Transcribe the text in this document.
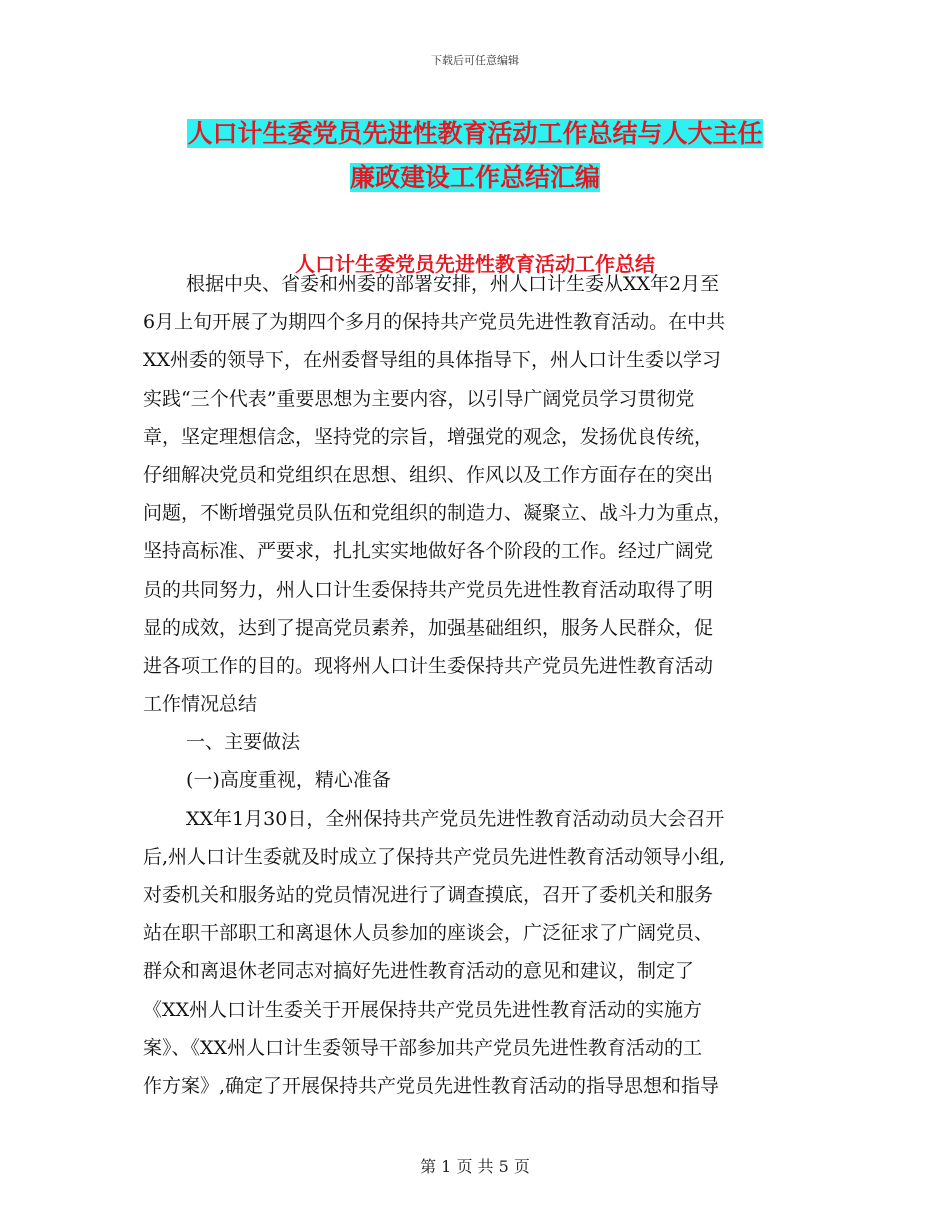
下载后可任意编辑
人口计生委党员先进性教育活动工作总结与人大主任
廉政建设工作总结汇编
人口计生委党员先进性教育活动工作总结
根据中央、省委和州委的部署安排，州人口计生委从XX年2月至
6月上旬开展了为期四个多月的保持共产党员先进性教育活动。在中共
XX州委的领导下，在州委督导组的具体指导下，州人口计生委以学习
实践“三个代表”重要思想为主要内容，以引导广阔党员学习贯彻党
章，坚定理想信念，坚持党的宗旨，增强党的观念，发扬优良传统，
仔细解决党员和党组织在思想、组织、作风以及工作方面存在的突出
问题，不断增强党员队伍和党组织的制造力、凝聚立、战斗力为重点，
坚持高标准、严要求，扎扎实实地做好各个阶段的工作。经过广阔党
员的共同努力，州人口计生委保持共产党员先进性教育活动取得了明
显的成效，达到了提高党员素养，加强基础组织，服务人民群众，促
进各项工作的目的。现将州人口计生委保持共产党员先进性教育活动
工作情况总结
一、主要做法
(一)高度重视，精心准备
XX年1月30日，全州保持共产党员先进性教育活动动员大会召开
后,州人口计生委就及时成立了保持共产党员先进性教育活动领导小组,
对委机关和服务站的党员情况进行了调查摸底，召开了委机关和服务
站在职干部职工和离退休人员参加的座谈会，广泛征求了广阔党员、
群众和离退休老同志对搞好先进性教育活动的意见和建议，制定了
《XX州人口计生委关于开展保持共产党员先进性教育活动的实施方
案》、《XX州人口计生委领导干部参加共产党员先进性教育活动的工
作方案》,确定了开展保持共产党员先进性教育活动的指导思想和指导
第 1 页 共 5 页
